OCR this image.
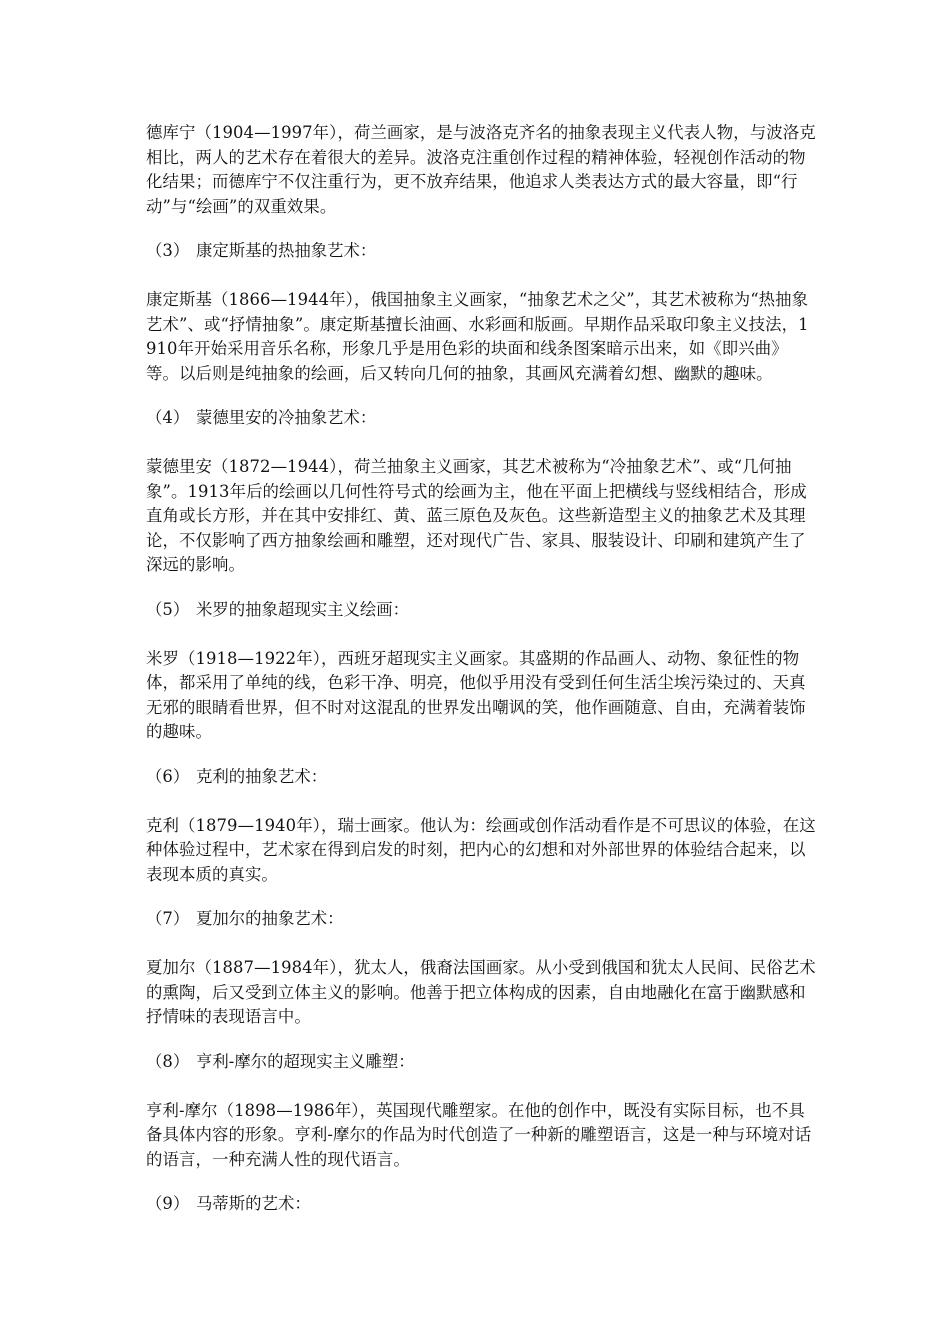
德库宁（1904—1997年），荷兰画家，是与波洛克齐名的抽象表现主义代表人物，与波洛克相比，两人的艺术存在着很大的差异。波洛克注重创作过程的精神体验，轻视创作活动的物化结果；而德库宁不仅注重行为，更不放弃结果，他追求人类表达方式的最大容量，即“行动”与“绘画”的双重效果。

（3） 康定斯基的热抽象艺术：

康定斯基（1866—1944年），俄国抽象主义画家，“抽象艺术之父”，其艺术被称为“热抽象艺术”、或“抒情抽象”。康定斯基擅长油画、水彩画和版画。早期作品采取印象主义技法，1910年开始采用音乐名称，形象几乎是用色彩的块面和线条图案暗示出来，如《即兴曲》等。以后则是纯抽象的绘画，后又转向几何的抽象，其画风充满着幻想、幽默的趣味。

（4） 蒙德里安的冷抽象艺术：

蒙德里安（1872—1944），荷兰抽象主义画家，其艺术被称为“冷抽象艺术”、或“几何抽象”。1913年后的绘画以几何性符号式的绘画为主，他在平面上把横线与竖线相结合，形成直角或长方形，并在其中安排红、黄、蓝三原色及灰色。这些新造型主义的抽象艺术及其理论，不仅影响了西方抽象绘画和雕塑，还对现代广告、家具、服装设计、印刷和建筑产生了深远的影响。

（5） 米罗的抽象超现实主义绘画：

米罗（1918—1922年），西班牙超现实主义画家。其盛期的作品画人、动物、象征性的物体，都采用了单纯的线，色彩干净、明亮，他似乎用没有受到任何生活尘埃污染过的、天真无邪的眼睛看世界，但不时对这混乱的世界发出嘲讽的笑，他作画随意、自由，充满着装饰的趣味。

（6） 克利的抽象艺术：

克利（1879—1940年），瑞士画家。他认为：绘画或创作活动看作是不可思议的体验，在这种体验过程中，艺术家在得到启发的时刻，把内心的幻想和对外部世界的体验结合起来，以表现本质的真实。

（7） 夏加尔的抽象艺术：

夏加尔（1887—1984年），犹太人，俄裔法国画家。从小受到俄国和犹太人民间、民俗艺术的熏陶，后又受到立体主义的影响。他善于把立体构成的因素，自由地融化在富于幽默感和抒情味的表现语言中。

（8） 亨利-摩尔的超现实主义雕塑：

亨利-摩尔（1898—1986年），英国现代雕塑家。在他的创作中，既没有实际目标，也不具备具体内容的形象。亨利-摩尔的作品为时代创造了一种新的雕塑语言，这是一种与环境对话的语言，一种充满人性的现代语言。

（9） 马蒂斯的艺术：
